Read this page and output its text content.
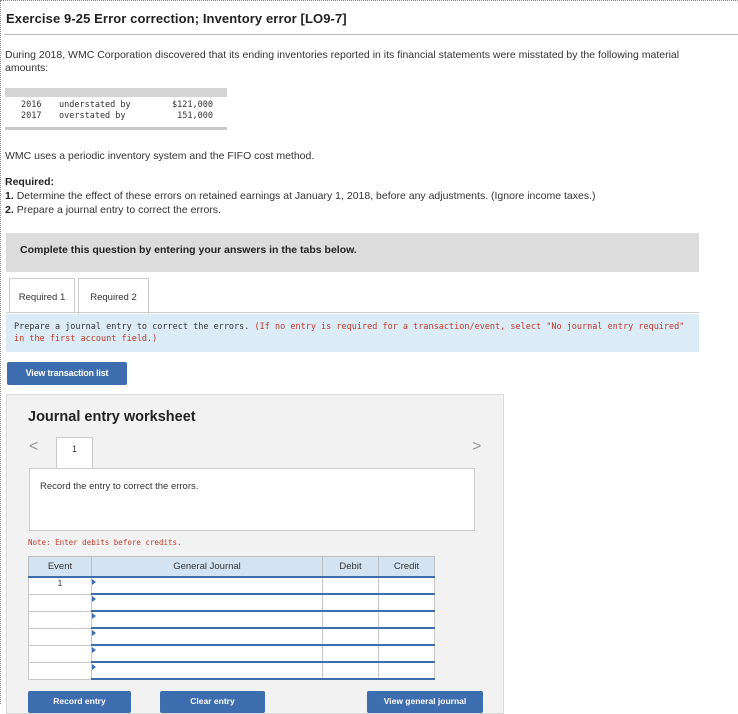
Exercise 9-25 Error correction; Inventory error [LO9-7]
During 2018, WMC Corporation discovered that its ending inventories reported in its financial statements were misstated by the following material amounts:
2016 understated by	$121,000
2017 overstated by	151,000
WMC uses a periodic inventory system and the FIFO cost method.
Required:
1. Determine the effect of these errors on retained earnings at January 1, 2018, before any adjustments. (Ignore income taxes.)
2. Prepare a journal entry to correct the errors.
Complete this question by entering your answers in the tabs below.
Required 1	Required 2
Prepare a journal entry to correct the errors. (If no entry is required for a transaction/event, select "No journal entry required" in the first account field.)
View transaction list
Journal entry worksheet
<	1	>
Record the entry to correct the errors.
Note: Enter debits before credits.
Event	General Journal	Debit	Credit
1			

Record entry	Clear entry	View general journal
